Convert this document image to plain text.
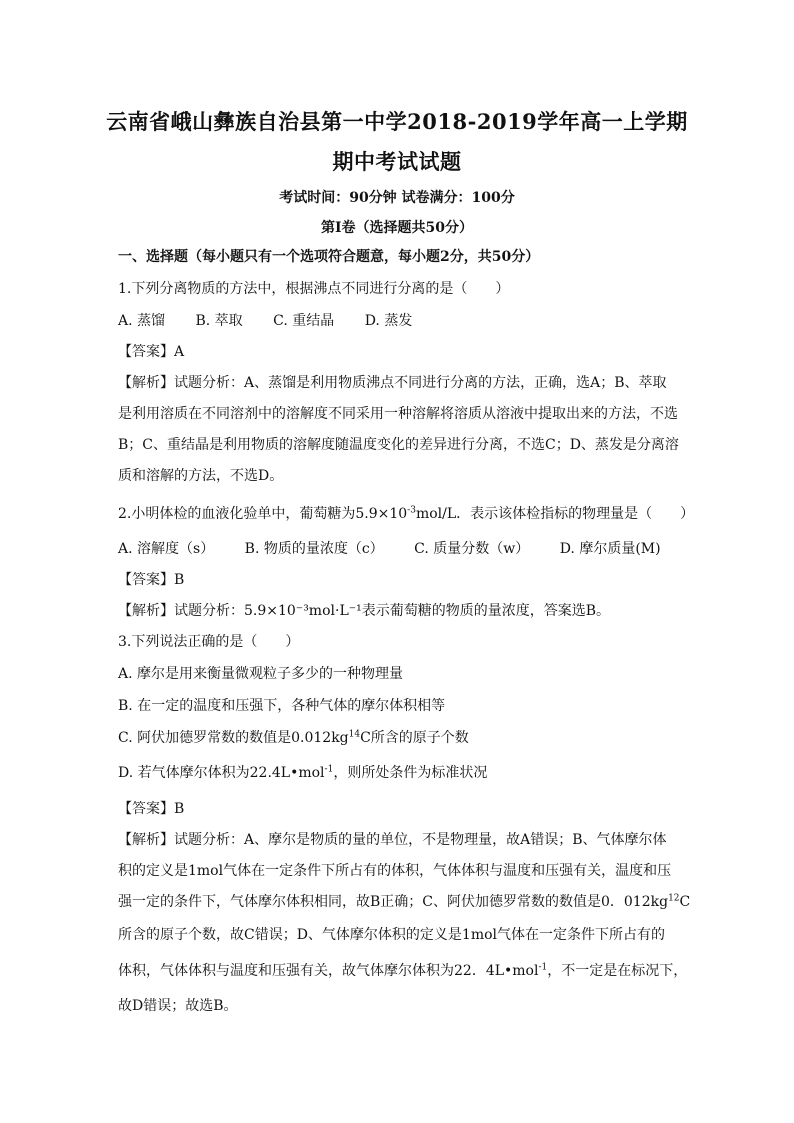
云南省峨山彝族自治县第一中学2018-2019学年高一上学期
期中考试试题
考试时间：90分钟 试卷满分：100分
第I卷（选择题共50分）
一、选择题（每小题只有一个选项符合题意，每小题2分，共50分）
1.下列分离物质的方法中，根据沸点不同进行分离的是（　　）
A. 蒸馏 B. 萃取 C. 重结晶 D. 蒸发
【答案】A
【解析】试题分析：A、蒸馏是利用物质沸点不同进行分离的方法，正确，选A；B、萃取
是利用溶质在不同溶剂中的溶解度不同采用一种溶解将溶质从溶液中提取出来的方法，不选
B；C、重结晶是利用物质的溶解度随温度变化的差异进行分离，不选C；D、蒸发是分离溶
质和溶解的方法，不选D。
2.小明体检的血液化验单中，葡萄糖为$5.9\times 10^{-3}mol/L$．表示该体检指标的物理量是（　　）
A. 溶解度（s） B. 物质的量浓度（c） C. 质量分数（w） D. 摩尔质量(M)
【答案】B
【解析】试题分析：5.9×10⁻³mol·L⁻¹表示葡萄糖的物质的量浓度，答案选B。
3.下列说法正确的是（　　）
A. 摩尔是用来衡量微观粒子多少的一种物理量
B. 在一定的温度和压强下，各种气体的摩尔体积相等
C. 阿伏加德罗常数的数值是$0.012kg^{14}C$所含的原子个数
D. 若气体摩尔体积为22.4L•mol$^{-1}$，则所处条件为标准状况
【答案】B
【解析】试题分析：A、摩尔是物质的量的单位，不是物理量，故A错误；B、气体摩尔体
积的定义是1mol气体在一定条件下所占有的体积，气体体积与温度和压强有关，温度和压
强一定的条件下，气体摩尔体积相同，故B正确；C、阿伏加德罗常数的数值是0．$012kg^{12}C$
所含的原子个数，故C错误；D、气体摩尔体积的定义是1mol气体在一定条件下所占有的
体积，气体体积与温度和压强有关，故气体摩尔体积为22．4L•mol$^{-1}$，不一定是在标况下，
故D错误；故选B。
